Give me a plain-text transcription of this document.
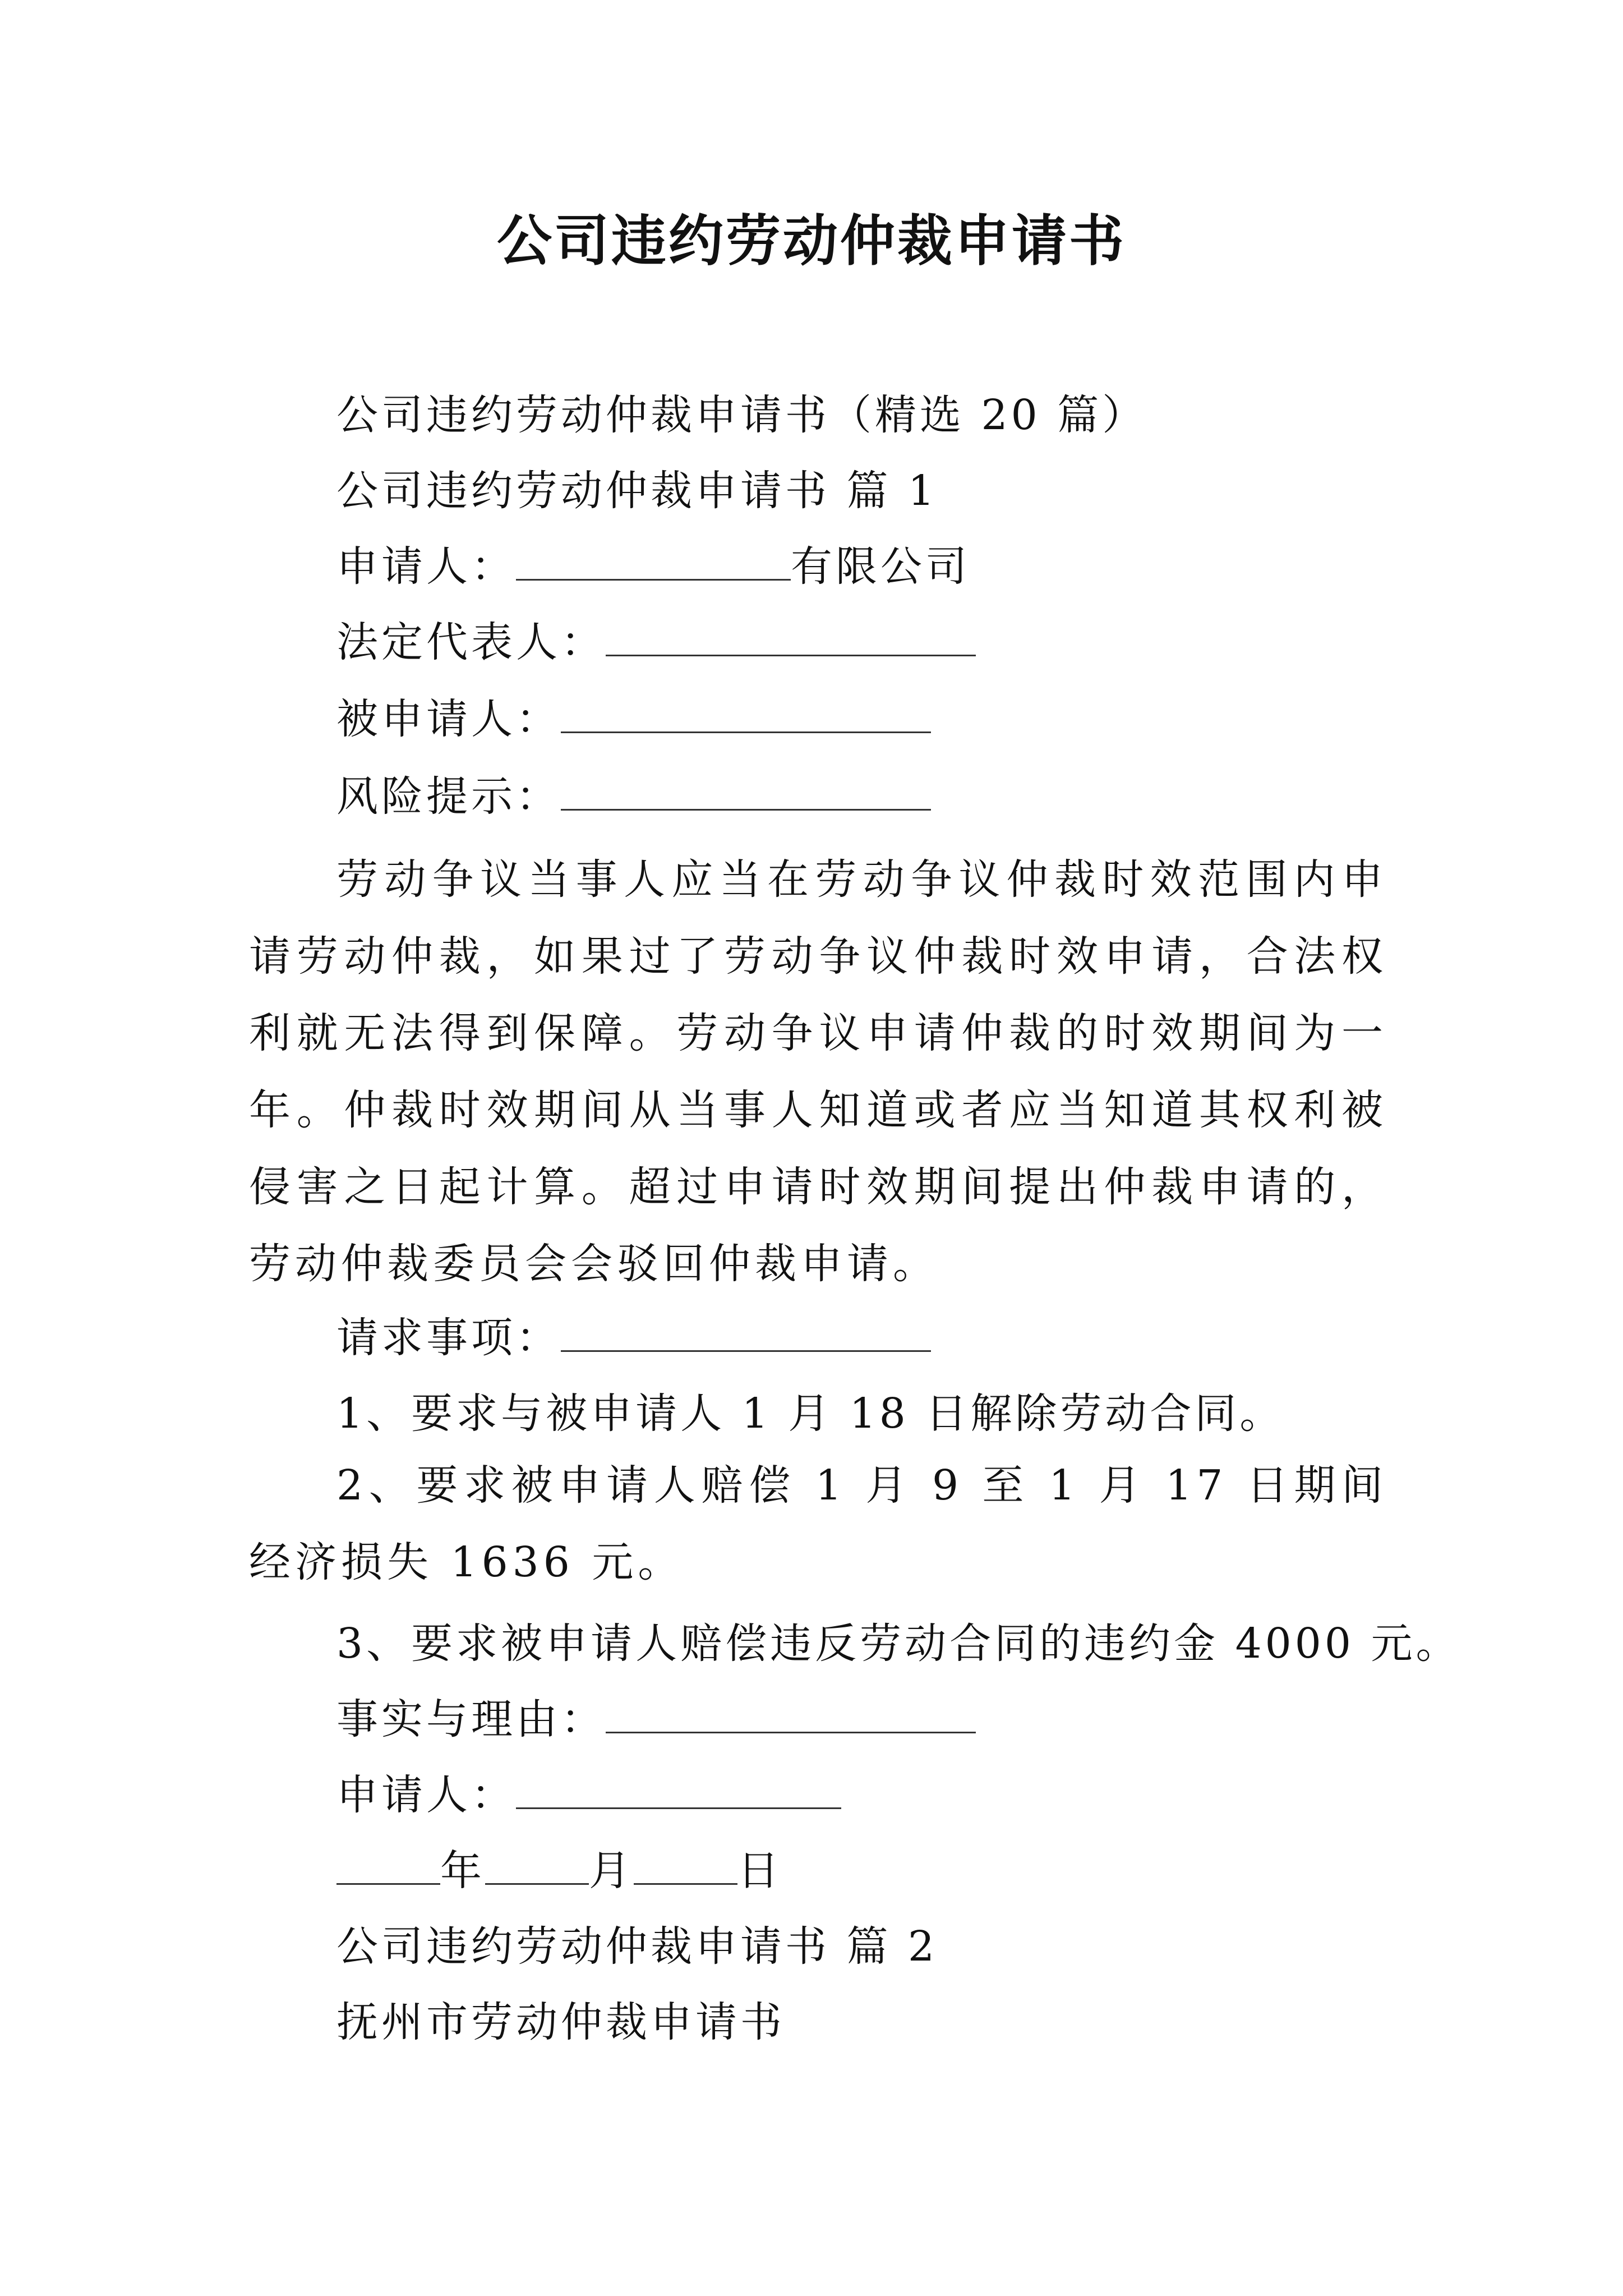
公司违约劳动仲裁申请书
公司违约劳动仲裁申请书（精选 20 篇）
公司违约劳动仲裁申请书 篇 1
申请人：	有限公司
法定代表人：
被申请人：
风险提示：
劳动争议当事人应当在劳动争议仲裁时效范围内申请劳动仲裁，如果过了劳动争议仲裁时效申请，合法权利就无法得到保障。劳动争议申请仲裁的时效期间为一年。仲裁时效期间从当事人知道或者应当知道其权利被侵害之日起计算。超过申请时效期间提出仲裁申请的，劳动仲裁委员会会驳回仲裁申请。
请求事项：
1、要求与被申请人 1 月 18 日解除劳动合同。
2、要求被申请人赔偿 1 月 9 至 1 月 17 日期间经济损失 1636 元。
3、要求被申请人赔偿违反劳动合同的违约金 4000 元。
事实与理由：
申请人：
年	月	日
公司违约劳动仲裁申请书 篇 2
抚州市劳动仲裁申请书
